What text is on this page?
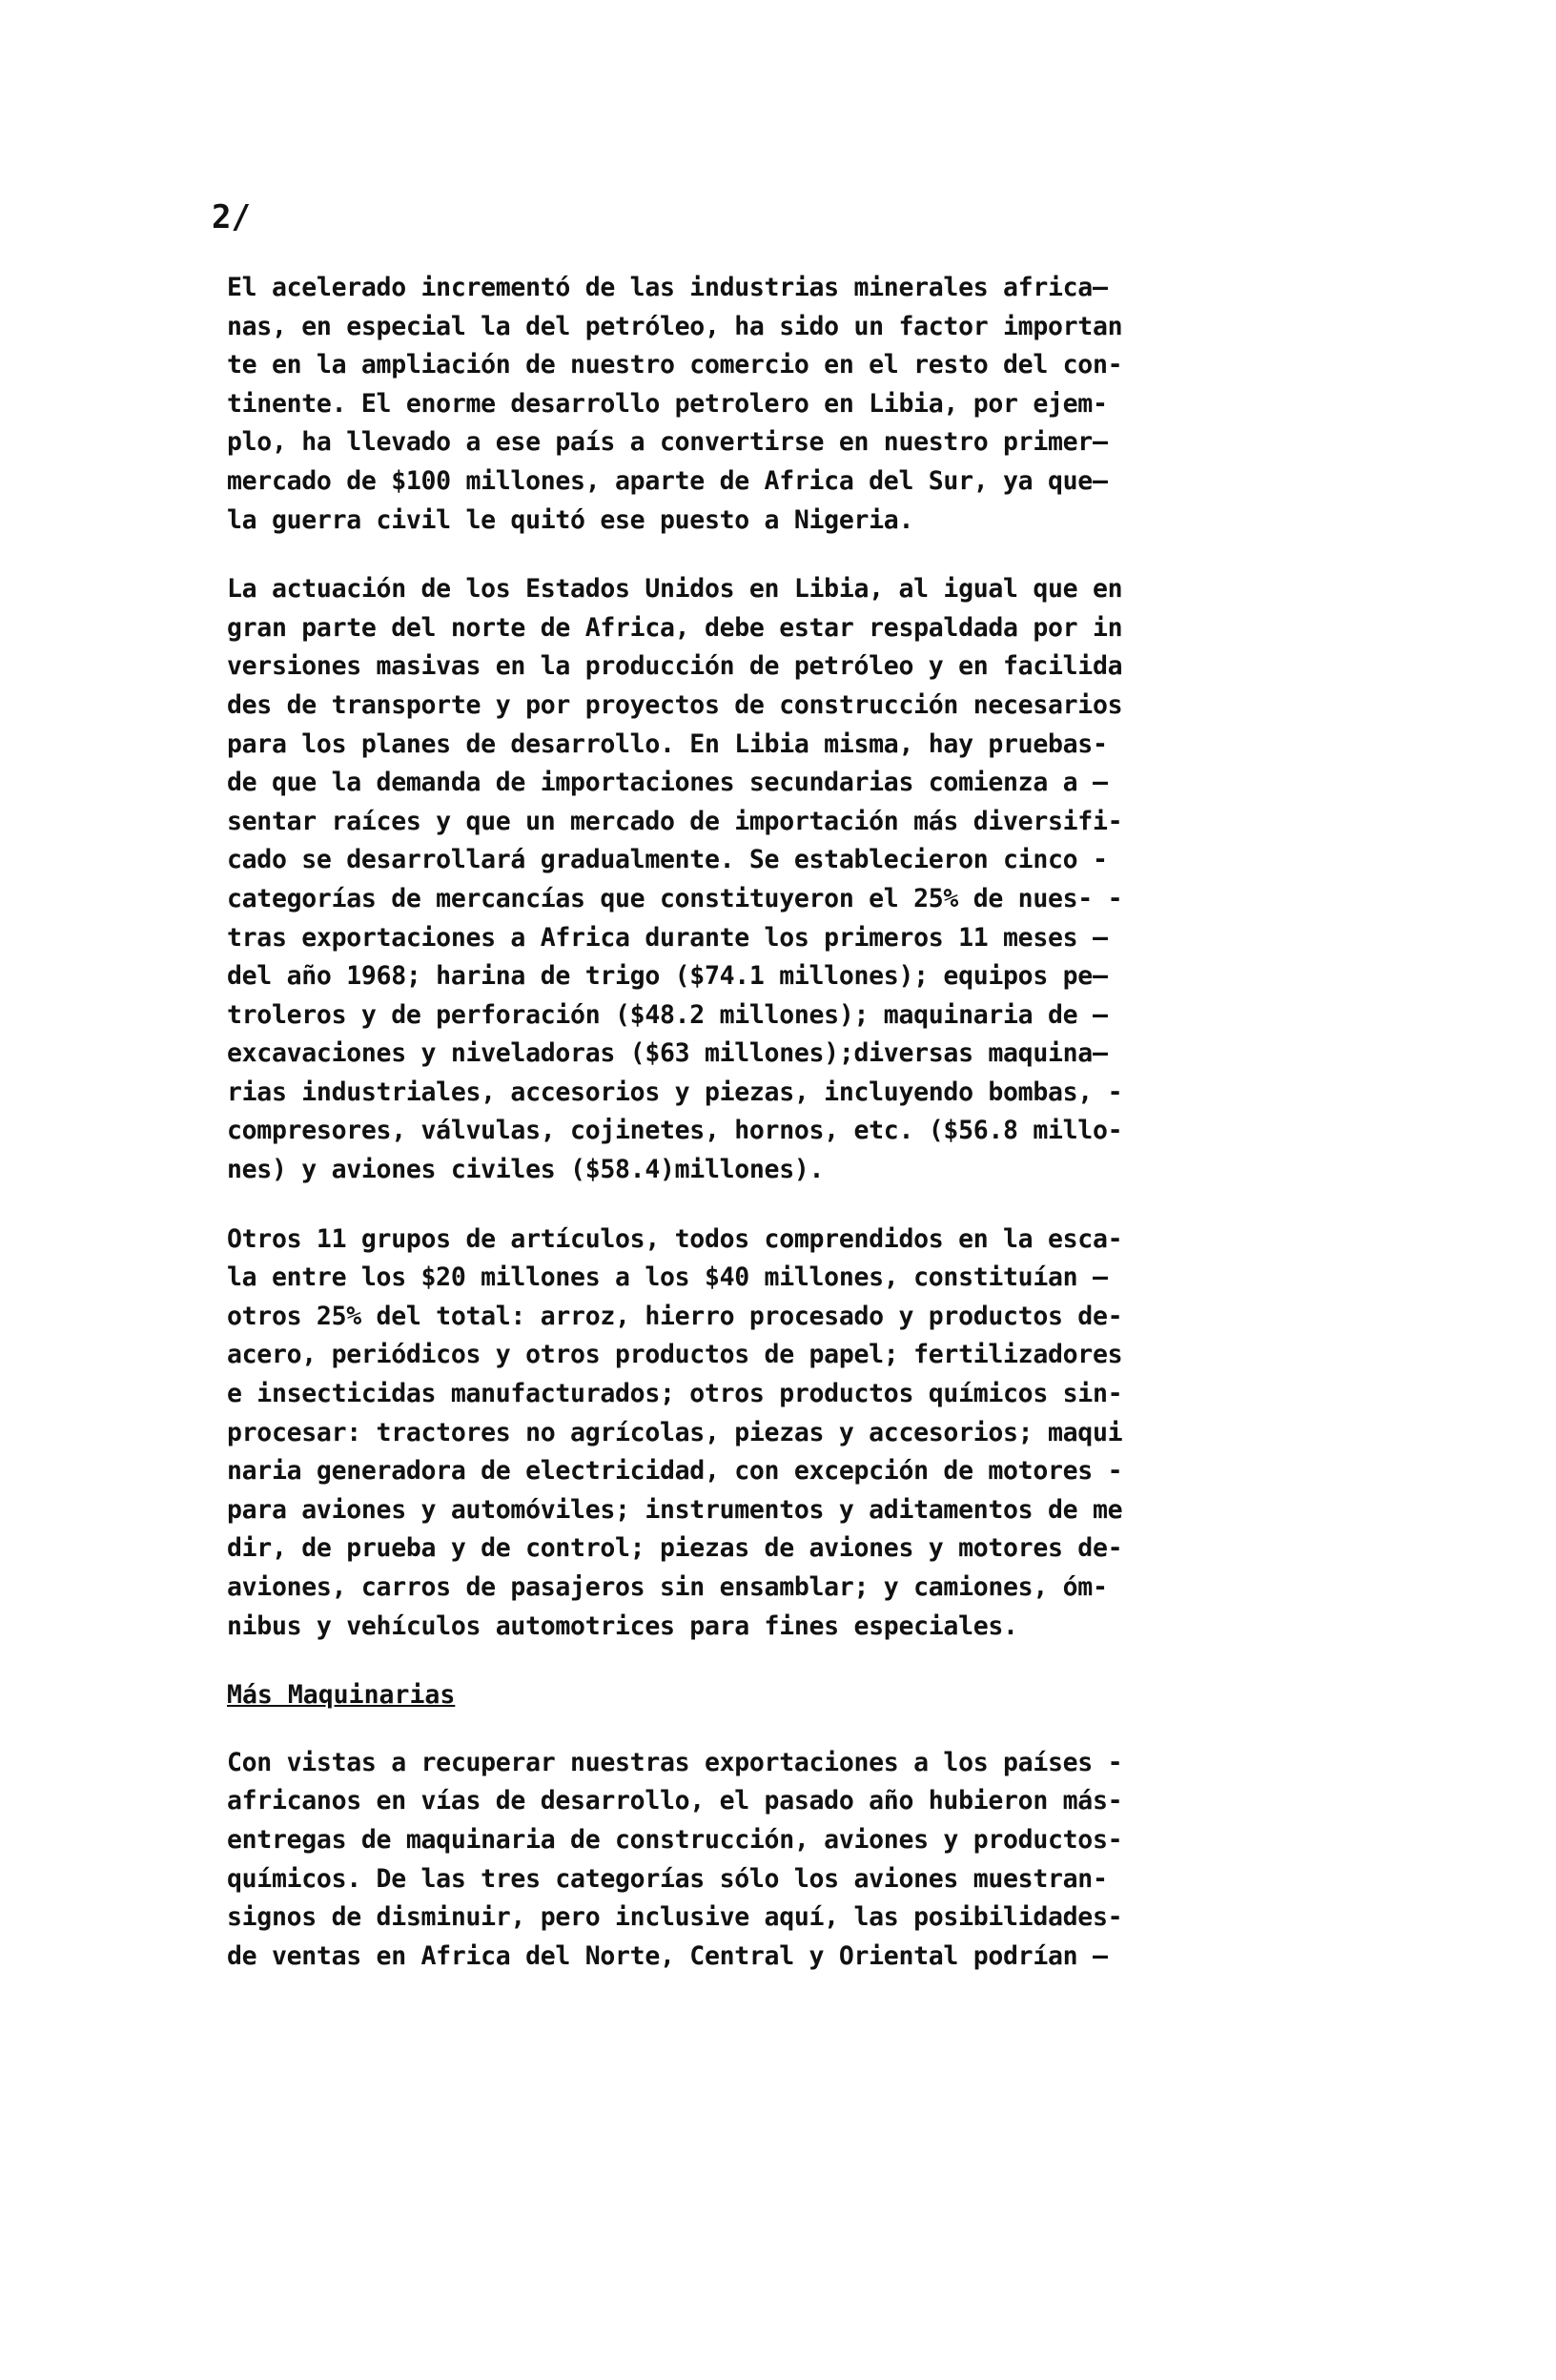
2/

El acelerado incrementó de las industrias minerales africa—
nas, en especial la del petróleo, ha sido un factor importan
te en la ampliación de nuestro comercio en el resto del con-
tinente. El enorme desarrollo petrolero en Libia, por ejem-
plo, ha llevado a ese país a convertirse en nuestro primer—
mercado de $100 millones, aparte de Africa del Sur, ya que—
la guerra civil le quitó ese puesto a Nigeria.
La actuación de los Estados Unidos en Libia, al igual que en
gran parte del norte de Africa, debe estar respaldada por in
versiones masivas en la producción de petróleo y en facilida
des de transporte y por proyectos de construcción necesarios
para los planes de desarrollo. En Libia misma, hay pruebas-
de que la demanda de importaciones secundarias comienza a —
sentar raíces y que un mercado de importación más diversifi-
cado se desarrollará gradualmente. Se establecieron cinco -
categorías de mercancías que constituyeron el 25% de nues- -
tras exportaciones a Africa durante los primeros 11 meses —
del año 1968; harina de trigo ($74.1 millones); equipos pe—
troleros y de perforación ($48.2 millones); maquinaria de —
excavaciones y niveladoras ($63 millones);diversas maquina—
rias industriales, accesorios y piezas, incluyendo bombas, -
compresores, válvulas, cojinetes, hornos, etc. ($56.8 millo-
nes) y aviones civiles ($58.4)millones).
Otros 11 grupos de artículos, todos comprendidos en la esca-
la entre los $20 millones a los $40 millones, constituían —
otros 25% del total: arroz, hierro procesado y productos de-
acero, periódicos y otros productos de papel; fertilizadores
e insecticidas manufacturados; otros productos químicos sin-
procesar: tractores no agrícolas, piezas y accesorios; maqui
naria generadora de electricidad, con excepción de motores -
para aviones y automóviles; instrumentos y aditamentos de me
dir, de prueba y de control; piezas de aviones y motores de-
aviones, carros de pasajeros sin ensamblar; y camiones, óm-
nibus y vehículos automotrices para fines especiales.
Más Maquinarias
Con vistas a recuperar nuestras exportaciones a los países -
africanos en vías de desarrollo, el pasado año hubieron más-
entregas de maquinaria de construcción, aviones y productos-
químicos. De las tres categorías sólo los aviones muestran-
signos de disminuir, pero inclusive aquí, las posibilidades-
de ventas en Africa del Norte, Central y Oriental podrían —
